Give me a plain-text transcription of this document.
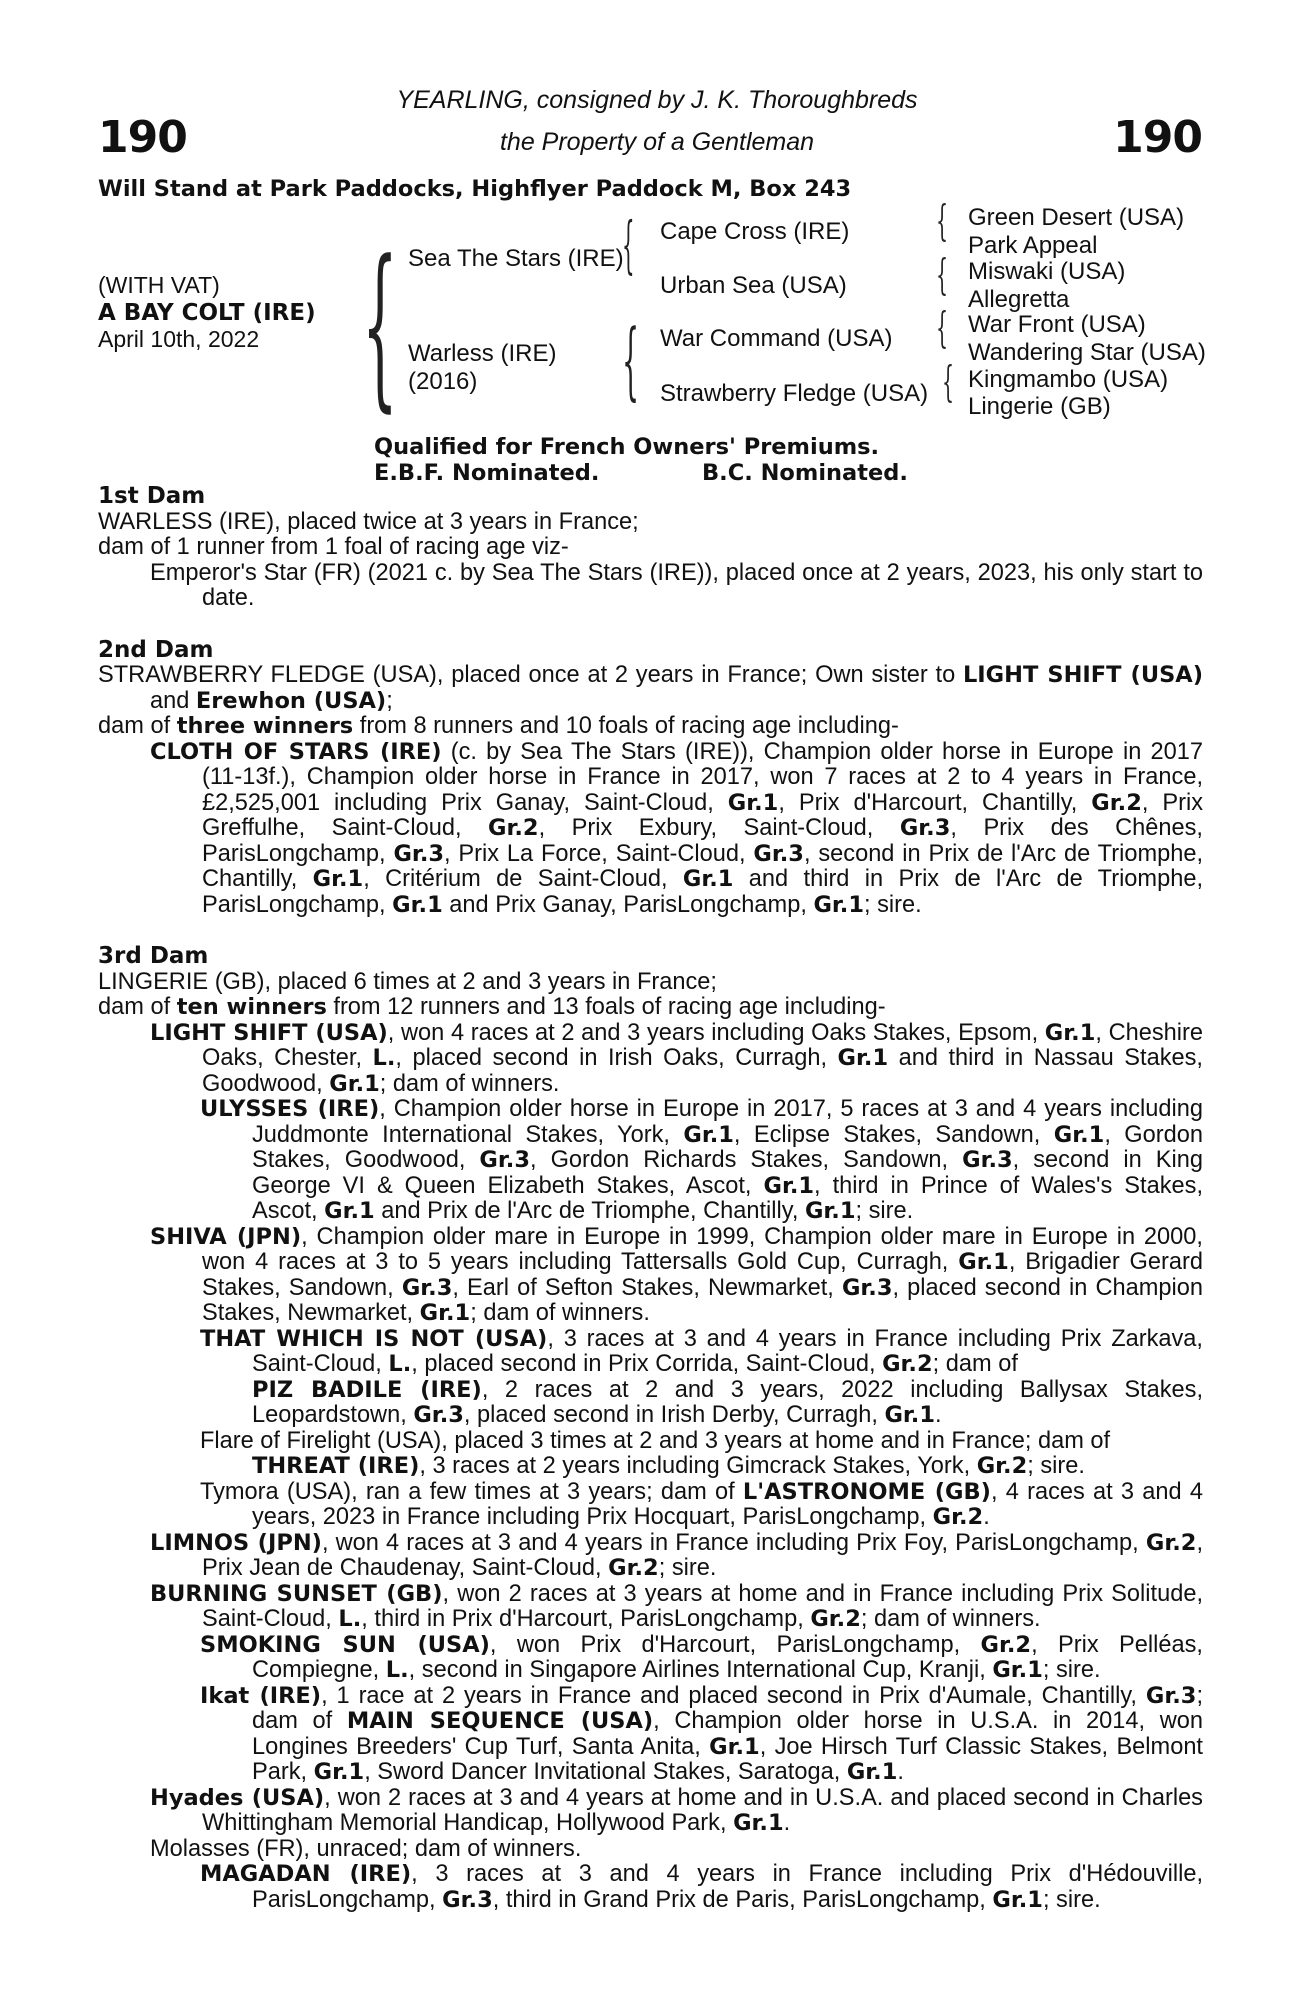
190	190
YEARLING, consigned by J. K. Thoroughbreds
the Property of a Gentleman
Will Stand at Park Paddocks, Highflyer Paddock M, Box 243
(WITH VAT)
A BAY COLT (IRE)
April 10th, 2022 {	{
{
{
{
{
{
Sea The Stars (IRE)
Warless (IRE)
(2016)
Cape Cross (IRE)
Urban Sea (USA)
War Command (USA)
Strawberry Fledge (USA)
Green Desert (USA)
Park Appeal
Miswaki (USA)
Allegretta
War Front (USA)
Wandering Star (USA)
Kingmambo (USA)
Lingerie (GB)
Qualified for French Owners' Premiums.
E.B.F. Nominated.	B.C. Nominated.

1st Dam

WARLESS (IRE), placed twice at 3 years in France;

dam of 1 runner from 1 foal of racing age viz-

Emperor's Star (FR) (2021 c. by Sea The Stars (IRE)), placed once at 2 years, 2023, his only start to date.

2nd Dam

STRAWBERRY FLEDGE (USA), placed once at 2 years in France; Own sister to LIGHT SHIFT (USA) and Erewhon (USA);

dam of three winners from 8 runners and 10 foals of racing age including-

CLOTH OF STARS (IRE) (c. by Sea The Stars (IRE)), Champion older horse in Europe in 2017 (11-13f.), Champion older horse in France in 2017, won 7 races at 2 to 4 years in France, £2,525,001 including Prix Ganay, Saint-Cloud, Gr.1, Prix d'Harcourt, Chantilly, Gr.2, Prix Greffulhe, Saint-Cloud, Gr.2, Prix Exbury, Saint-Cloud, Gr.3, Prix des Chênes, ParisLongchamp, Gr.3, Prix La Force, Saint-Cloud, Gr.3, second in Prix de l'Arc de Triomphe, Chantilly, Gr.1, Critérium de Saint-Cloud, Gr.1 and third in Prix de l'Arc de Triomphe, ParisLongchamp, Gr.1 and Prix Ganay, ParisLongchamp, Gr.1; sire.

3rd Dam

LINGERIE (GB), placed 6 times at 2 and 3 years in France;

dam of ten winners from 12 runners and 13 foals of racing age including-

LIGHT SHIFT (USA), won 4 races at 2 and 3 years including Oaks Stakes, Epsom, Gr.1, Cheshire Oaks, Chester, L., placed second in Irish Oaks, Curragh, Gr.1 and third in Nassau Stakes, Goodwood, Gr.1; dam of winners.

ULYSSES (IRE), Champion older horse in Europe in 2017, 5 races at 3 and 4 years including Juddmonte International Stakes, York, Gr.1, Eclipse Stakes, Sandown, Gr.1, Gordon Stakes, Goodwood, Gr.3, Gordon Richards Stakes, Sandown, Gr.3, second in King George VI & Queen Elizabeth Stakes, Ascot, Gr.1, third in Prince of Wales's Stakes, Ascot, Gr.1 and Prix de l'Arc de Triomphe, Chantilly, Gr.1; sire.

SHIVA (JPN), Champion older mare in Europe in 1999, Champion older mare in Europe in 2000, won 4 races at 3 to 5 years including Tattersalls Gold Cup, Curragh, Gr.1, Brigadier Gerard Stakes, Sandown, Gr.3, Earl of Sefton Stakes, Newmarket, Gr.3, placed second in Champion Stakes, Newmarket, Gr.1; dam of winners.

THAT WHICH IS NOT (USA), 3 races at 3 and 4 years in France including Prix Zarkava, Saint-Cloud, L., placed second in Prix Corrida, Saint-Cloud, Gr.2; dam of
PIZ BADILE (IRE), 2 races at 2 and 3 years, 2022 including Ballysax Stakes, Leopardstown, Gr.3, placed second in Irish Derby, Curragh, Gr.1.

Flare of Firelight (USA), placed 3 times at 2 and 3 years at home and in France; dam of
THREAT (IRE), 3 races at 2 years including Gimcrack Stakes, York, Gr.2; sire.

Tymora (USA), ran a few times at 3 years; dam of L'ASTRONOME (GB), 4 races at 3 and 4 years, 2023 in France including Prix Hocquart, ParisLongchamp, Gr.2.

LIMNOS (JPN), won 4 races at 3 and 4 years in France including Prix Foy, ParisLongchamp, Gr.2, Prix Jean de Chaudenay, Saint-Cloud, Gr.2; sire.

BURNING SUNSET (GB), won 2 races at 3 years at home and in France including Prix Solitude, Saint-Cloud, L., third in Prix d'Harcourt, ParisLongchamp, Gr.2; dam of winners.

SMOKING SUN (USA), won Prix d'Harcourt, ParisLongchamp, Gr.2, Prix Pelléas, Compiegne, L., second in Singapore Airlines International Cup, Kranji, Gr.1; sire.

Ikat (IRE), 1 race at 2 years in France and placed second in Prix d'Aumale, Chantilly, Gr.3; dam of MAIN SEQUENCE (USA), Champion older horse in U.S.A. in 2014, won Longines Breeders' Cup Turf, Santa Anita, Gr.1, Joe Hirsch Turf Classic Stakes, Belmont Park, Gr.1, Sword Dancer Invitational Stakes, Saratoga, Gr.1.

Hyades (USA), won 2 races at 3 and 4 years at home and in U.S.A. and placed second in Charles Whittingham Memorial Handicap, Hollywood Park, Gr.1.

Molasses (FR), unraced; dam of winners.

MAGADAN (IRE), 3 races at 3 and 4 years in France including Prix d'Hédouville, ParisLongchamp, Gr.3, third in Grand Prix de Paris, ParisLongchamp, Gr.1; sire.
